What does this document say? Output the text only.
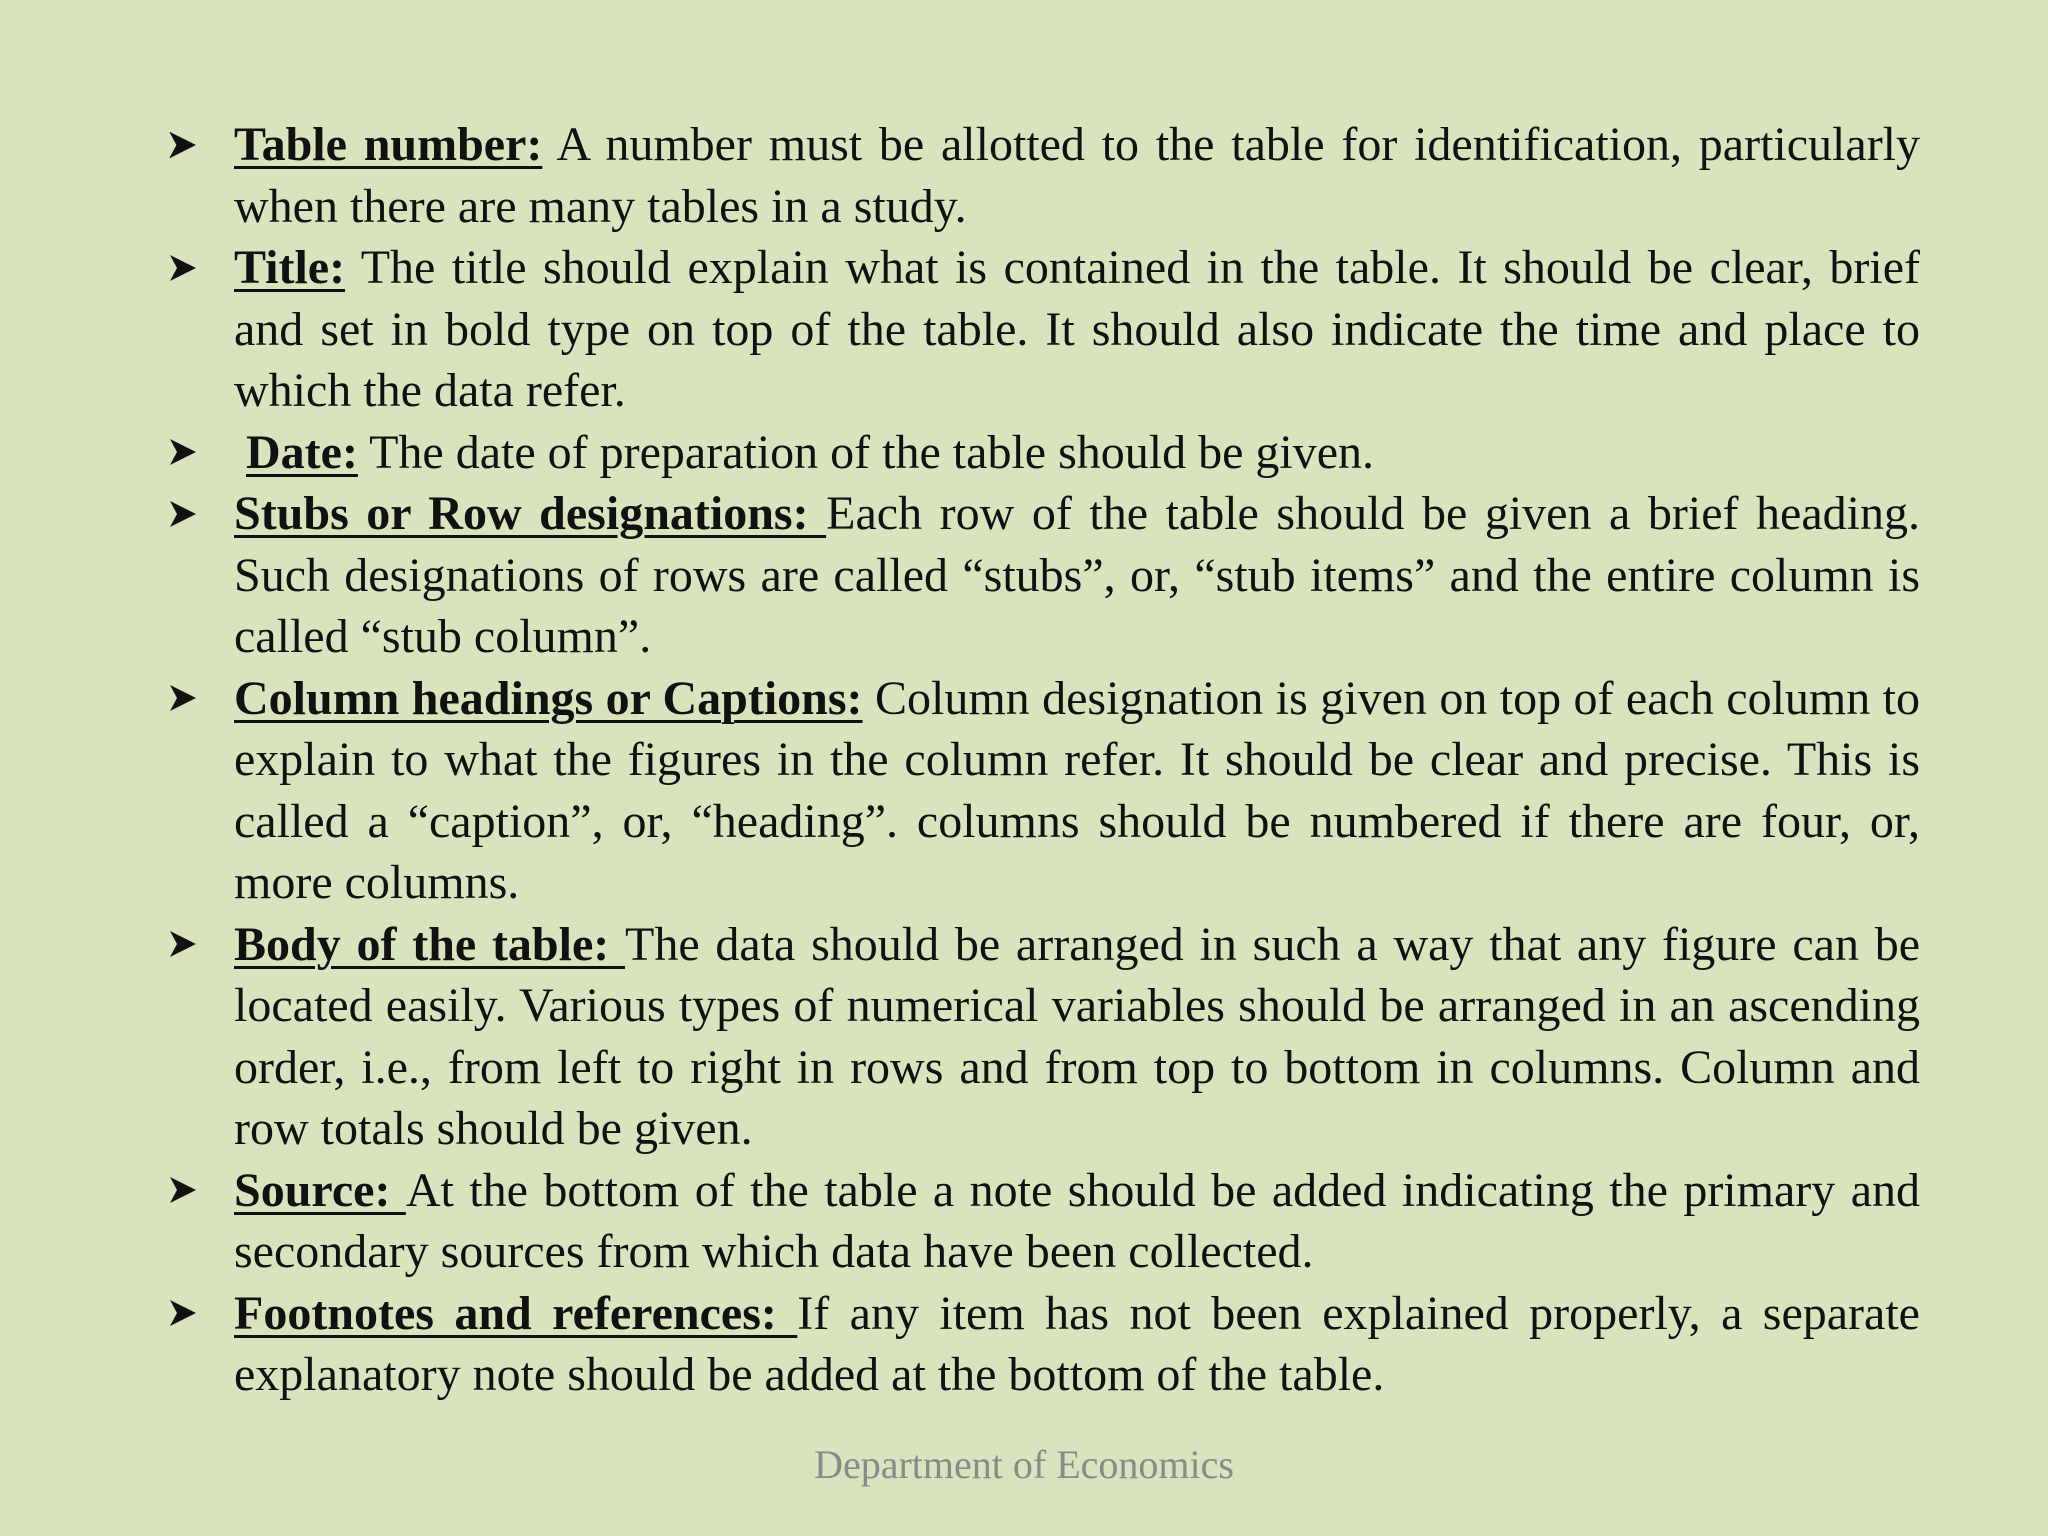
Table number: A number must be allotted to the table for identification, particularly when there are many tables in a study.
Title: The title should explain what is contained in the table. It should be clear, brief and set in bold type on top of the table. It should also indicate the time and place to which the data refer.
Date: The date of preparation of the table should be given.
Stubs or Row designations: Each row of the table should be given a brief heading. Such designations of rows are called “stubs”, or, “stub items” and the entire column is called “stub column”.
Column headings or Captions: Column designation is given on top of each column to explain to what the figures in the column refer. It should be clear and precise. This is called a “caption”, or, “heading”. columns should be numbered if there are four, or, more columns.
Body of the table: The data should be arranged in such a way that any figure can be located easily. Various types of numerical variables should be arranged in an ascending order, i.e., from left to right in rows and from top to bottom in columns. Column and row totals should be given.
Source: At the bottom of the table a note should be added indicating the primary and secondary sources from which data have been collected.
Footnotes and references: If any item has not been explained properly, a separate explanatory note should be added at the bottom of the table.
Department of Economics
